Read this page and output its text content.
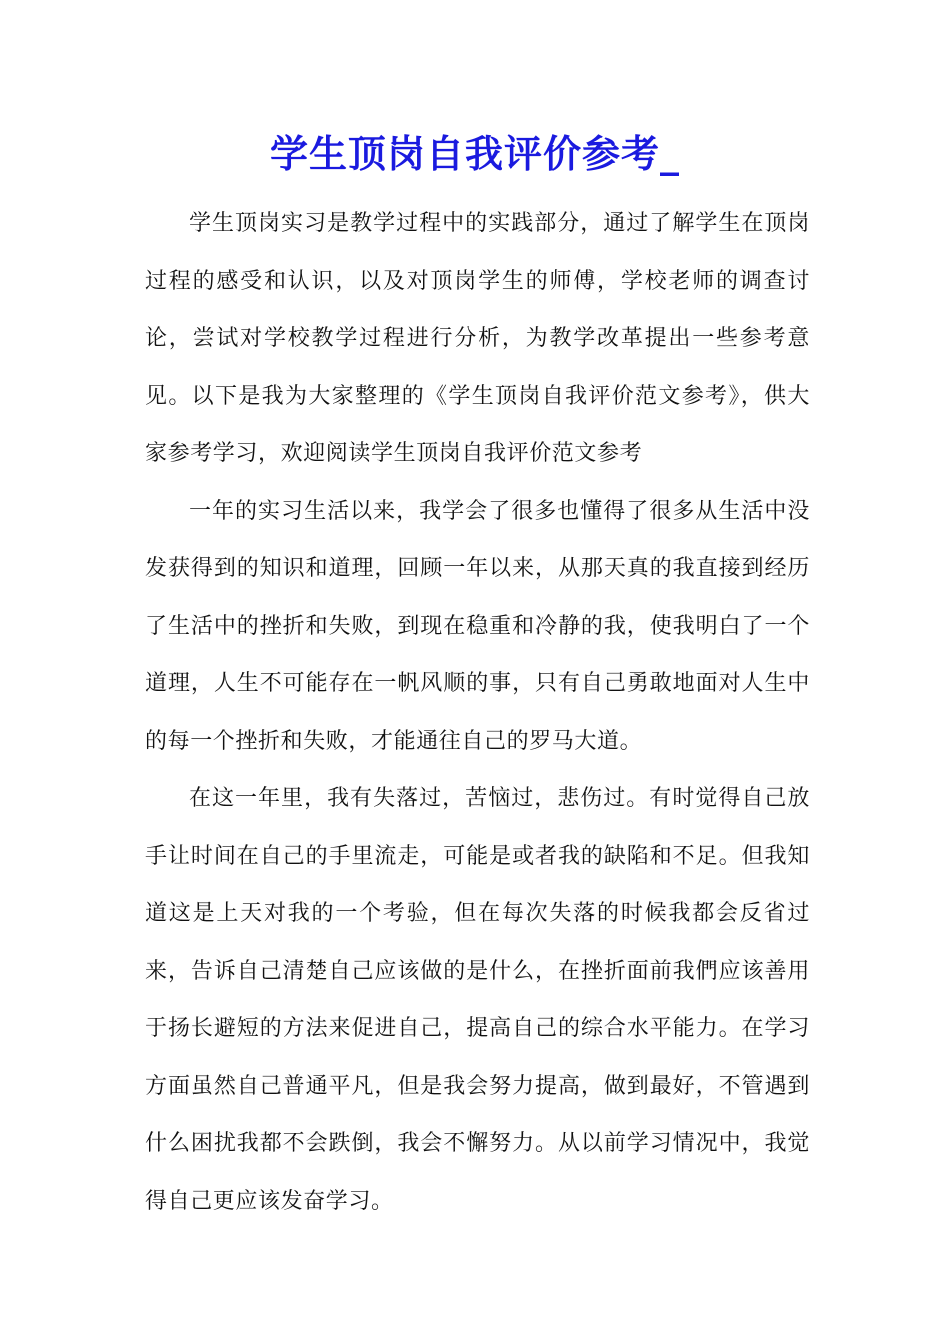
学生顶岗自我评价参考_

学生顶岗实习是教学过程中的实践部分，通过了解学生在顶岗过程的感受和认识，以及对顶岗学生的师傅，学校老师的调查讨论，尝试对学校教学过程进行分析，为教学改革提出一些参考意见。以下是我为大家整理的《学生顶岗自我评价范文参考》，供大家参考学习，欢迎阅读学生顶岗自我评价范文参考

一年的实习生活以来，我学会了很多也懂得了很多从生活中没发获得到的知识和道理，回顾一年以来，从那天真的我直接到经历了生活中的挫折和失败，到现在稳重和冷静的我，使我明白了一个道理，人生不可能存在一帆风顺的事，只有自己勇敢地面对人生中的每一个挫折和失败，才能通往自己的罗马大道。

在这一年里，我有失落过，苦恼过，悲伤过。有时觉得自己放手让时间在自己的手里流走，可能是或者我的缺陷和不足。但我知道这是上天对我的一个考验，但在每次失落的时候我都会反省过来，告诉自己清楚自己应该做的是什么，在挫折面前我們应该善用于扬长避短的方法来促进自己，提高自己的综合水平能力。在学习方面虽然自己普通平凡，但是我会努力提高，做到最好，不管遇到什么困扰我都不会跌倒，我会不懈努力。从以前学习情况中，我觉得自己更应该发奋学习。
